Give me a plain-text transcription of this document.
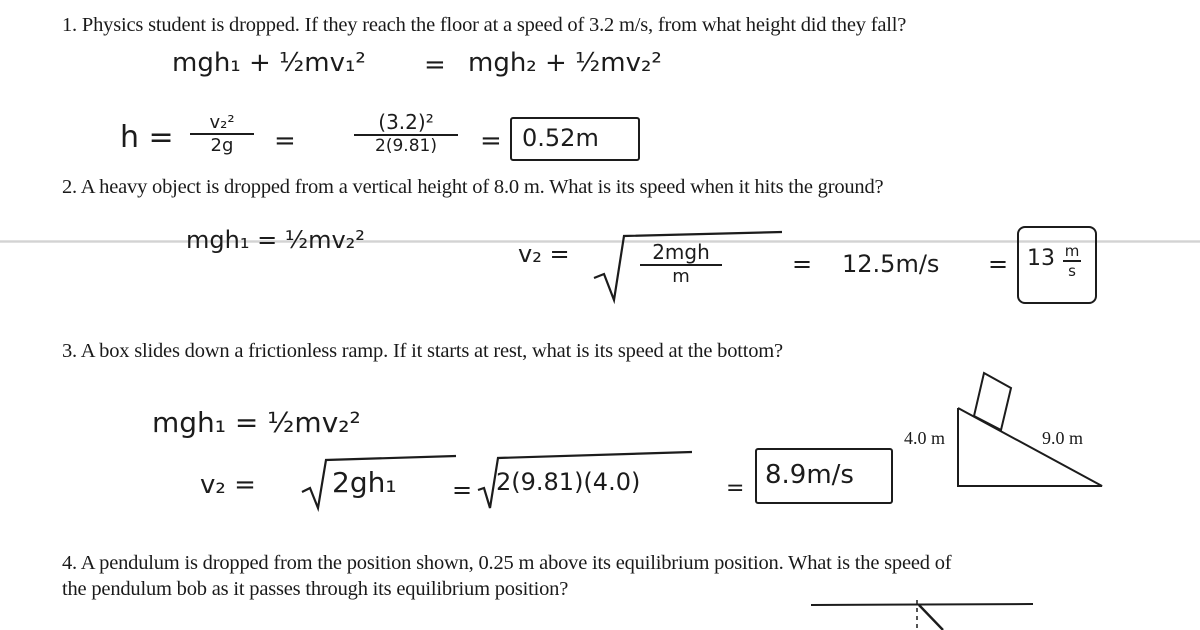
1. Physics student is dropped. If they reach the floor at a speed of 3.2 m/s, from what height did they fall?
mgh₁ + ½mv₁² = mgh₂ + ½mv₂²
h = v₂²
2g =
(3.2)²
2(9.81) = 0.52m
2. A heavy object is dropped from a vertical height of 8.0 m. What is its speed when it hits the ground?
mgh₁ = ½mv₂²	v₂ =	2mgh
m	= 12.5m/s = 13 m
s
3. A box slides down a frictionless ramp. If it starts at rest, what is its speed at the bottom?
mgh₁ = ½mv₂²
v₂ =	2gh₁ = 2(9.81)(4.0)	= 8.9m/s
4.0 m	9.0 m
4. A pendulum is dropped from the position shown, 0.25 m above its equilibrium position. What is the speed of
the pendulum bob as it passes through its equilibrium position?
